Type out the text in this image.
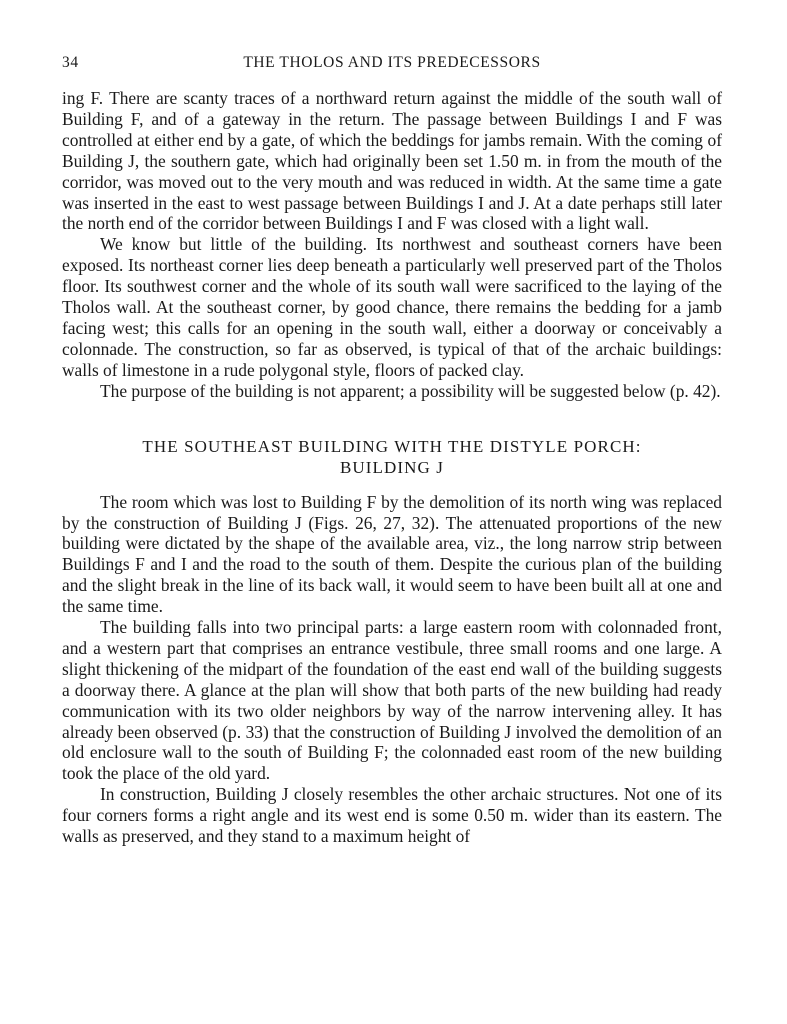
34	THE THOLOS AND ITS PREDECESSORS

ing F. There are scanty traces of a northward return against the middle of the south wall of Building F, and of a gateway in the return. The passage between Buildings I and F was controlled at either end by a gate, of which the beddings for jambs remain. With the coming of Building J, the southern gate, which had originally been set 1.50 m. in from the mouth of the corridor, was moved out to the very mouth and was reduced in width. At the same time a gate was inserted in the east to west passage between Buildings I and J. At a date perhaps still later the north end of the corridor between Buildings I and F was closed with a light wall.

We know but little of the building. Its northwest and southeast corners have been exposed. Its northeast corner lies deep beneath a particularly well preserved part of the Tholos floor. Its southwest corner and the whole of its south wall were sacrificed to the laying of the Tholos wall. At the southeast corner, by good chance, there remains the bedding for a jamb facing west; this calls for an opening in the south wall, either a doorway or conceivably a colonnade. The construction, so far as observed, is typical of that of the archaic buildings: walls of limestone in a rude polygonal style, floors of packed clay.

The purpose of the building is not apparent; a possibility will be suggested below (p. 42).

THE SOUTHEAST BUILDING WITH THE DISTYLE PORCH:
BUILDING J

The room which was lost to Building F by the demolition of its north wing was replaced by the construction of Building J (Figs. 26, 27, 32). The attenuated proportions of the new building were dictated by the shape of the available area, viz., the long narrow strip between Buildings F and I and the road to the south of them. Despite the curious plan of the building and the slight break in the line of its back wall, it would seem to have been built all at one and the same time.

The building falls into two principal parts: a large eastern room with colonnaded front, and a western part that comprises an entrance vestibule, three small rooms and one large. A slight thickening of the midpart of the foundation of the east end wall of the building suggests a doorway there. A glance at the plan will show that both parts of the new building had ready communication with its two older neighbors by way of the narrow intervening alley. It has already been observed (p. 33) that the construction of Building J involved the demolition of an old enclosure wall to the south of Building F; the colonnaded east room of the new building took the place of the old yard.

In construction, Building J closely resembles the other archaic structures. Not one of its four corners forms a right angle and its west end is some 0.50 m. wider than its eastern. The walls as preserved, and they stand to a maximum height of
